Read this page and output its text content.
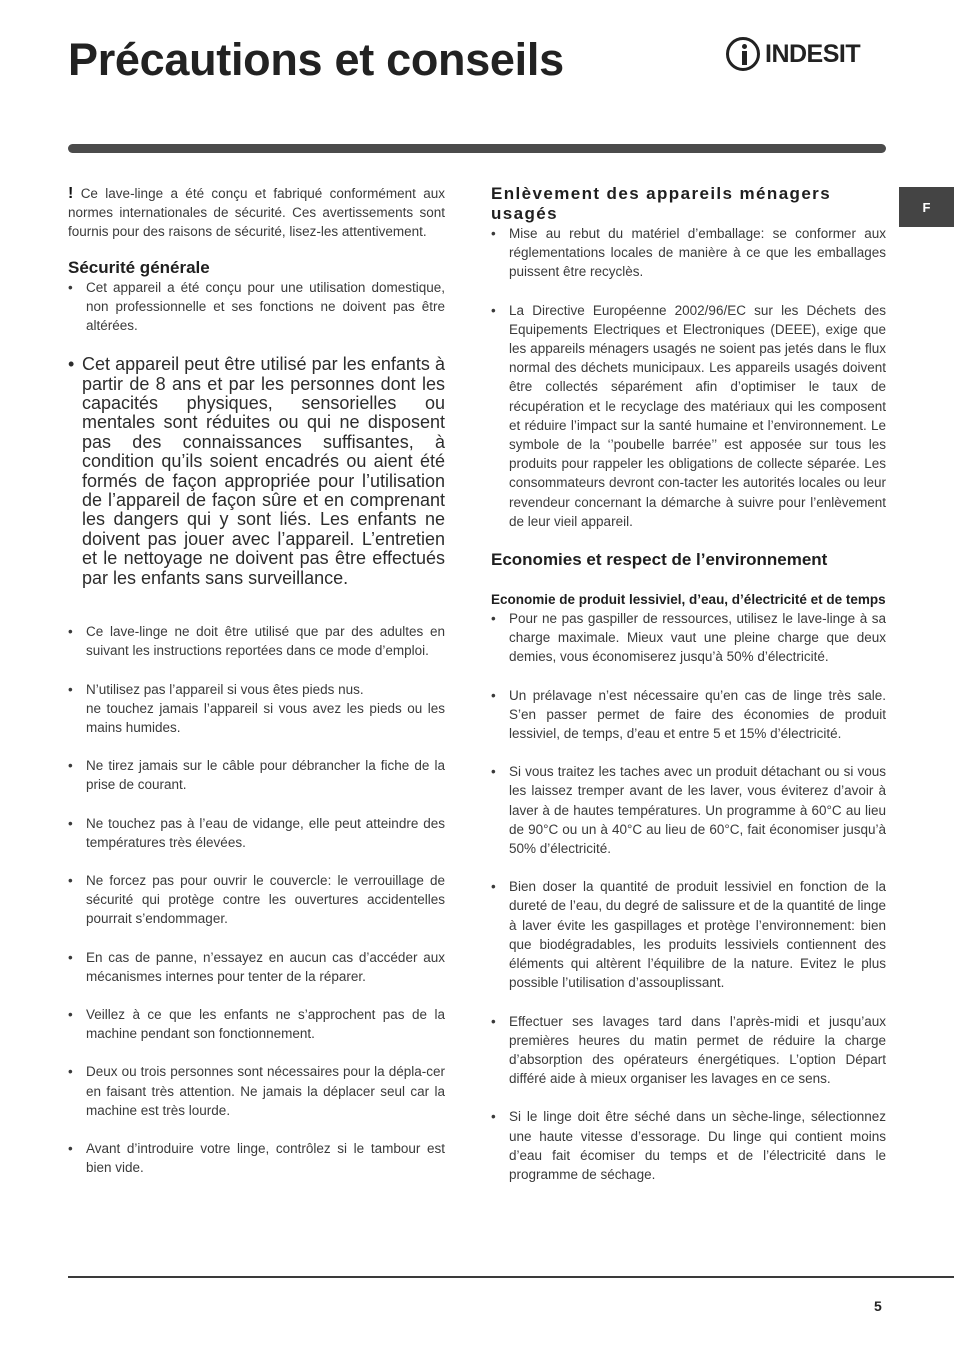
Précautions et conseils	INDESIT
F

! Ce lave-linge a été conçu et fabriqué conformément aux normes internationales de sécurité. Ces avertissements sont fournis pour des raisons de sécurité, lisez-les attentivement.

Sécurité générale
• Cet appareil a été conçu pour une utilisation domestique, non professionnelle et ses fonctions ne doivent pas être altérées.
• Cet appareil peut être utilisé par les enfants à partir de 8 ans et par les personnes dont les capacités physiques, sensorielles ou mentales sont réduites ou qui ne disposent pas des connaissances suffisantes, à condition qu’ils soient encadrés ou aient été formés de façon appropriée pour l’utilisation de l’appareil de façon sûre et en comprenant les dangers qui y sont liés. Les enfants ne doivent pas jouer avec l’appareil. L’entretien et le nettoyage ne doivent pas être effectués par les enfants sans surveillance.
• Ce lave-linge ne doit être utilisé que par des adultes en suivant les instructions reportées dans ce mode d’emploi.
• N’utilisez pas l’appareil si vous êtes pieds nus.
ne touchez jamais l’appareil si vous avez les pieds ou les mains humides.
• Ne tirez jamais sur le câble pour débrancher la fiche de la prise de courant.
• Ne touchez pas à l’eau de vidange, elle peut atteindre des températures très élevées.
• Ne forcez pas pour ouvrir le couvercle: le verrouillage de sécurité qui protège contre les ouvertures accidentelles pourrait s’endommager.
• En cas de panne, n’essayez en aucun cas d’accéder aux mécanismes internes pour tenter de la réparer.
• Veillez à ce que les enfants ne s’approchent pas de la machine pendant son fonctionnement.
• Deux ou trois personnes sont nécessaires pour la dépla-cer en faisant très attention. Ne jamais la déplacer seul car la machine est très lourde.
• Avant d’introduire votre linge, contrôlez si le tambour est bien vide.
Enlèvement des appareils ménagers usagés
• Mise au rebut du matériel d’emballage: se conformer aux réglementations locales de manière à ce que les emballages puissent être recyclès.
• La Directive Européenne 2002/96/EC sur les Déchets des Equipements Electriques et Electroniques (DEEE), exige que les appareils ménagers usagés ne soient pas jetés dans le flux normal des déchets municipaux. Les appareils usagés doivent être collectés séparément afin d’optimiser le taux de récupération et le recyclage des matériaux qui les composent et réduire l’impact sur la santé humaine et l’environnement. Le symbole de la ‘’poubelle barrée’’ est apposée sur tous les produits pour rappeler les obligations de collecte séparée. Les consommateurs devront con-tacter les autorités locales ou leur revendeur concernant la démarche à suivre pour l’enlèvement de leur vieil appareil.
Economies et respect de l’environnement
Economie de produit lessiviel, d’eau, d’électricité et de temps
• Pour ne pas gaspiller de ressources, utilisez le lave-linge à sa charge maximale. Mieux vaut une pleine charge que deux demies, vous économiserez jusqu’à 50% d’électricité.
• Un prélavage n’est nécessaire qu’en cas de linge très sale. S’en passer permet de faire des économies de produit lessiviel, de temps, d’eau et entre 5 et 15% d’électricité.
• Si vous traitez les taches avec un produit détachant ou si vous les laissez tremper avant de les laver, vous éviterez d’avoir à laver à de hautes températures. Un programme à 60°C au lieu de 90°C ou un à 40°C au lieu de 60°C, fait économiser jusqu’à 50% d’électricité.
• Bien doser la quantité de produit lessiviel en fonction de la dureté de l’eau, du degré de salissure et de la quantité de linge à laver évite les gaspillages et protège l’environnement: bien que biodégradables, les produits lessiviels contiennent des éléments qui altèrent l’équilibre de la nature. Evitez le plus possible l’utilisation d’assouplissant.
• Effectuer ses lavages tard dans l’après-midi et jusqu’aux premières heures du matin permet de réduire la charge d’absorption des opérateurs énergétiques. L’option Départ différé aide à mieux organiser les lavages en ce sens.
• Si le linge doit être séché dans un sèche-linge, sélectionnez une haute vitesse d’essorage. Du linge qui contient moins d’eau fait écomiser du temps et de l’électricité dans le programme de séchage.
5
